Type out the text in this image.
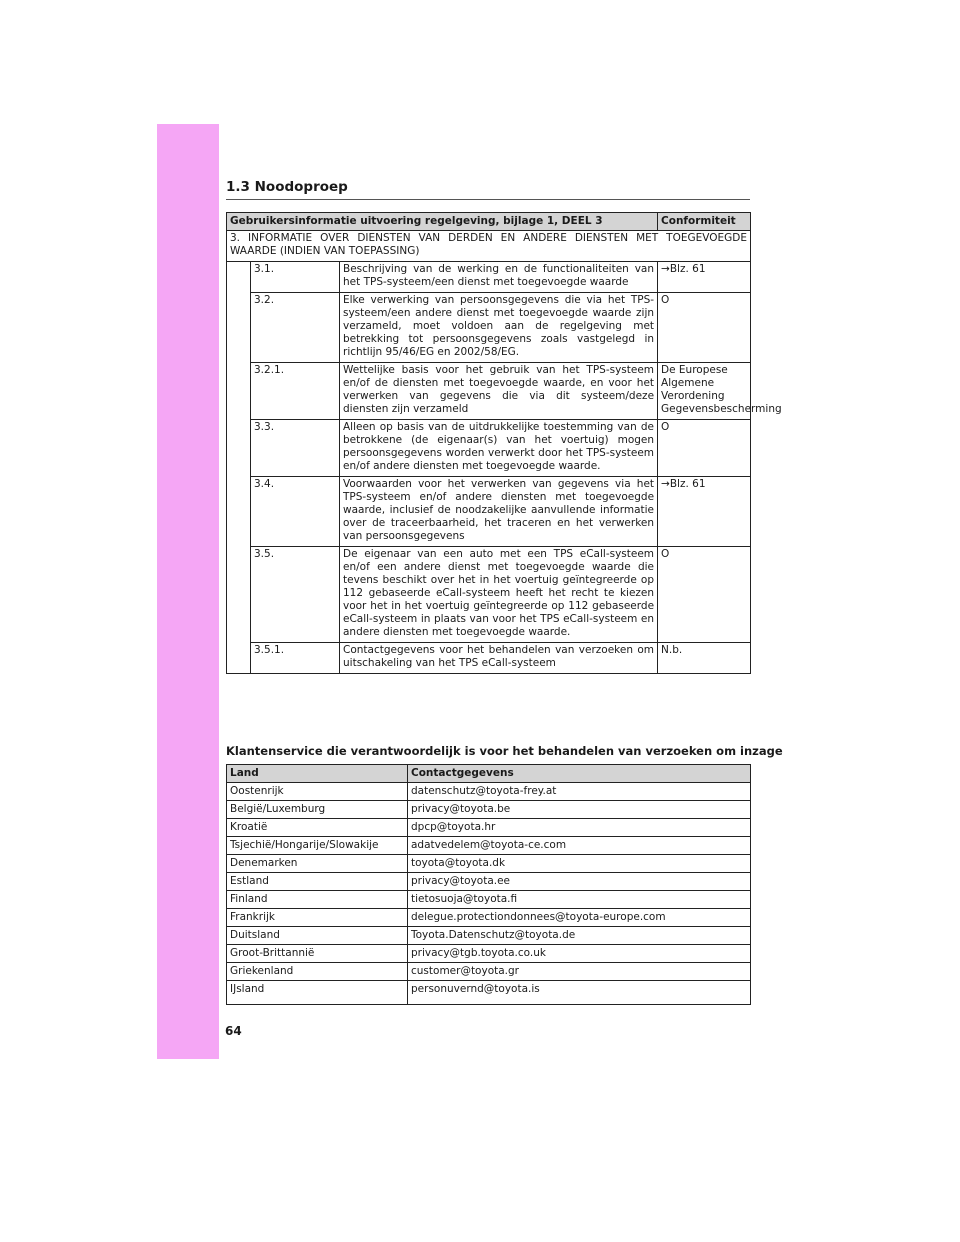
1.3 Noodoproep
Gebruikersinformatie uitvoering regelgeving, bijlage 1, DEEL 3			Conformiteit
3. INFORMATIE OVER DIENSTEN VAN DERDEN EN ANDERE DIENSTEN MET TOEGEVOEGDE WAARDE (INDIEN VAN TOEPASSING)			
	3.1.	Beschrijving van de werking en de functionaliteiten van het TPS-systeem/een dienst met toegevoegde waarde	→Blz. 61
	3.2.	Elke verwerking van persoonsgegevens die via het TPS-systeem/een andere dienst met toegevoegde waarde zijn verzameld, moet voldoen aan de regelgeving met betrekking tot persoonsgegevens zoals vastgelegd in richtlijn 95/46/EG en 2002/58/EG.	O
	3.2.1.	Wettelijke basis voor het gebruik van het TPS-systeem en/of de diensten met toegevoegde waarde, en voor het verwerken van gegevens die via dit systeem/deze diensten zijn verzameld	De Europese Algemene Verordening Gegevensbescherming
	3.3.	Alleen op basis van de uitdrukkelijke toestemming van de betrokkene (de eigenaar(s) van het voertuig) mogen persoonsgegevens worden verwerkt door het TPS-systeem en/of andere diensten met toegevoegde waarde.	O
	3.4.	Voorwaarden voor het verwerken van gegevens via het TPS-systeem en/of andere diensten met toegevoegde waarde, inclusief de noodzakelijke aanvullende informatie over de traceerbaarheid, het traceren en het verwerken van persoonsgegevens	→Blz. 61
	3.5.	De eigenaar van een auto met een TPS eCall-systeem en/of een andere dienst met toegevoegde waarde die tevens beschikt over het in het voertuig geïntegreerde op 112 gebaseerde eCall-systeem heeft het recht te kiezen voor het in het voertuig geïntegreerde op 112 gebaseerde eCall-systeem in plaats van voor het TPS eCall-systeem en andere diensten met toegevoegde waarde.	O
	3.5.1.	Contactgegevens voor het behandelen van verzoeken om uitschakeling van het TPS eCall-systeem	N.b.
Klantenservice die verantwoordelijk is voor het behandelen van verzoeken om inzage
Land	Contactgegevens
Oostenrijk	datenschutz@toyota-frey.at
België/Luxemburg	privacy@toyota.be
Kroatië	dpcp@toyota.hr
Tsjechië/Hongarije/Slowakije	adatvedelem@toyota-ce.com
Denemarken	toyota@toyota.dk
Estland	privacy@toyota.ee
Finland	tietosuoja@toyota.fi
Frankrijk	delegue.protectiondonnees@toyota-europe.com
Duitsland	Toyota.Datenschutz@toyota.de
Groot-Brittannië	privacy@tgb.toyota.co.uk
Griekenland	customer@toyota.gr
IJsland	personuvernd@toyota.is
64
